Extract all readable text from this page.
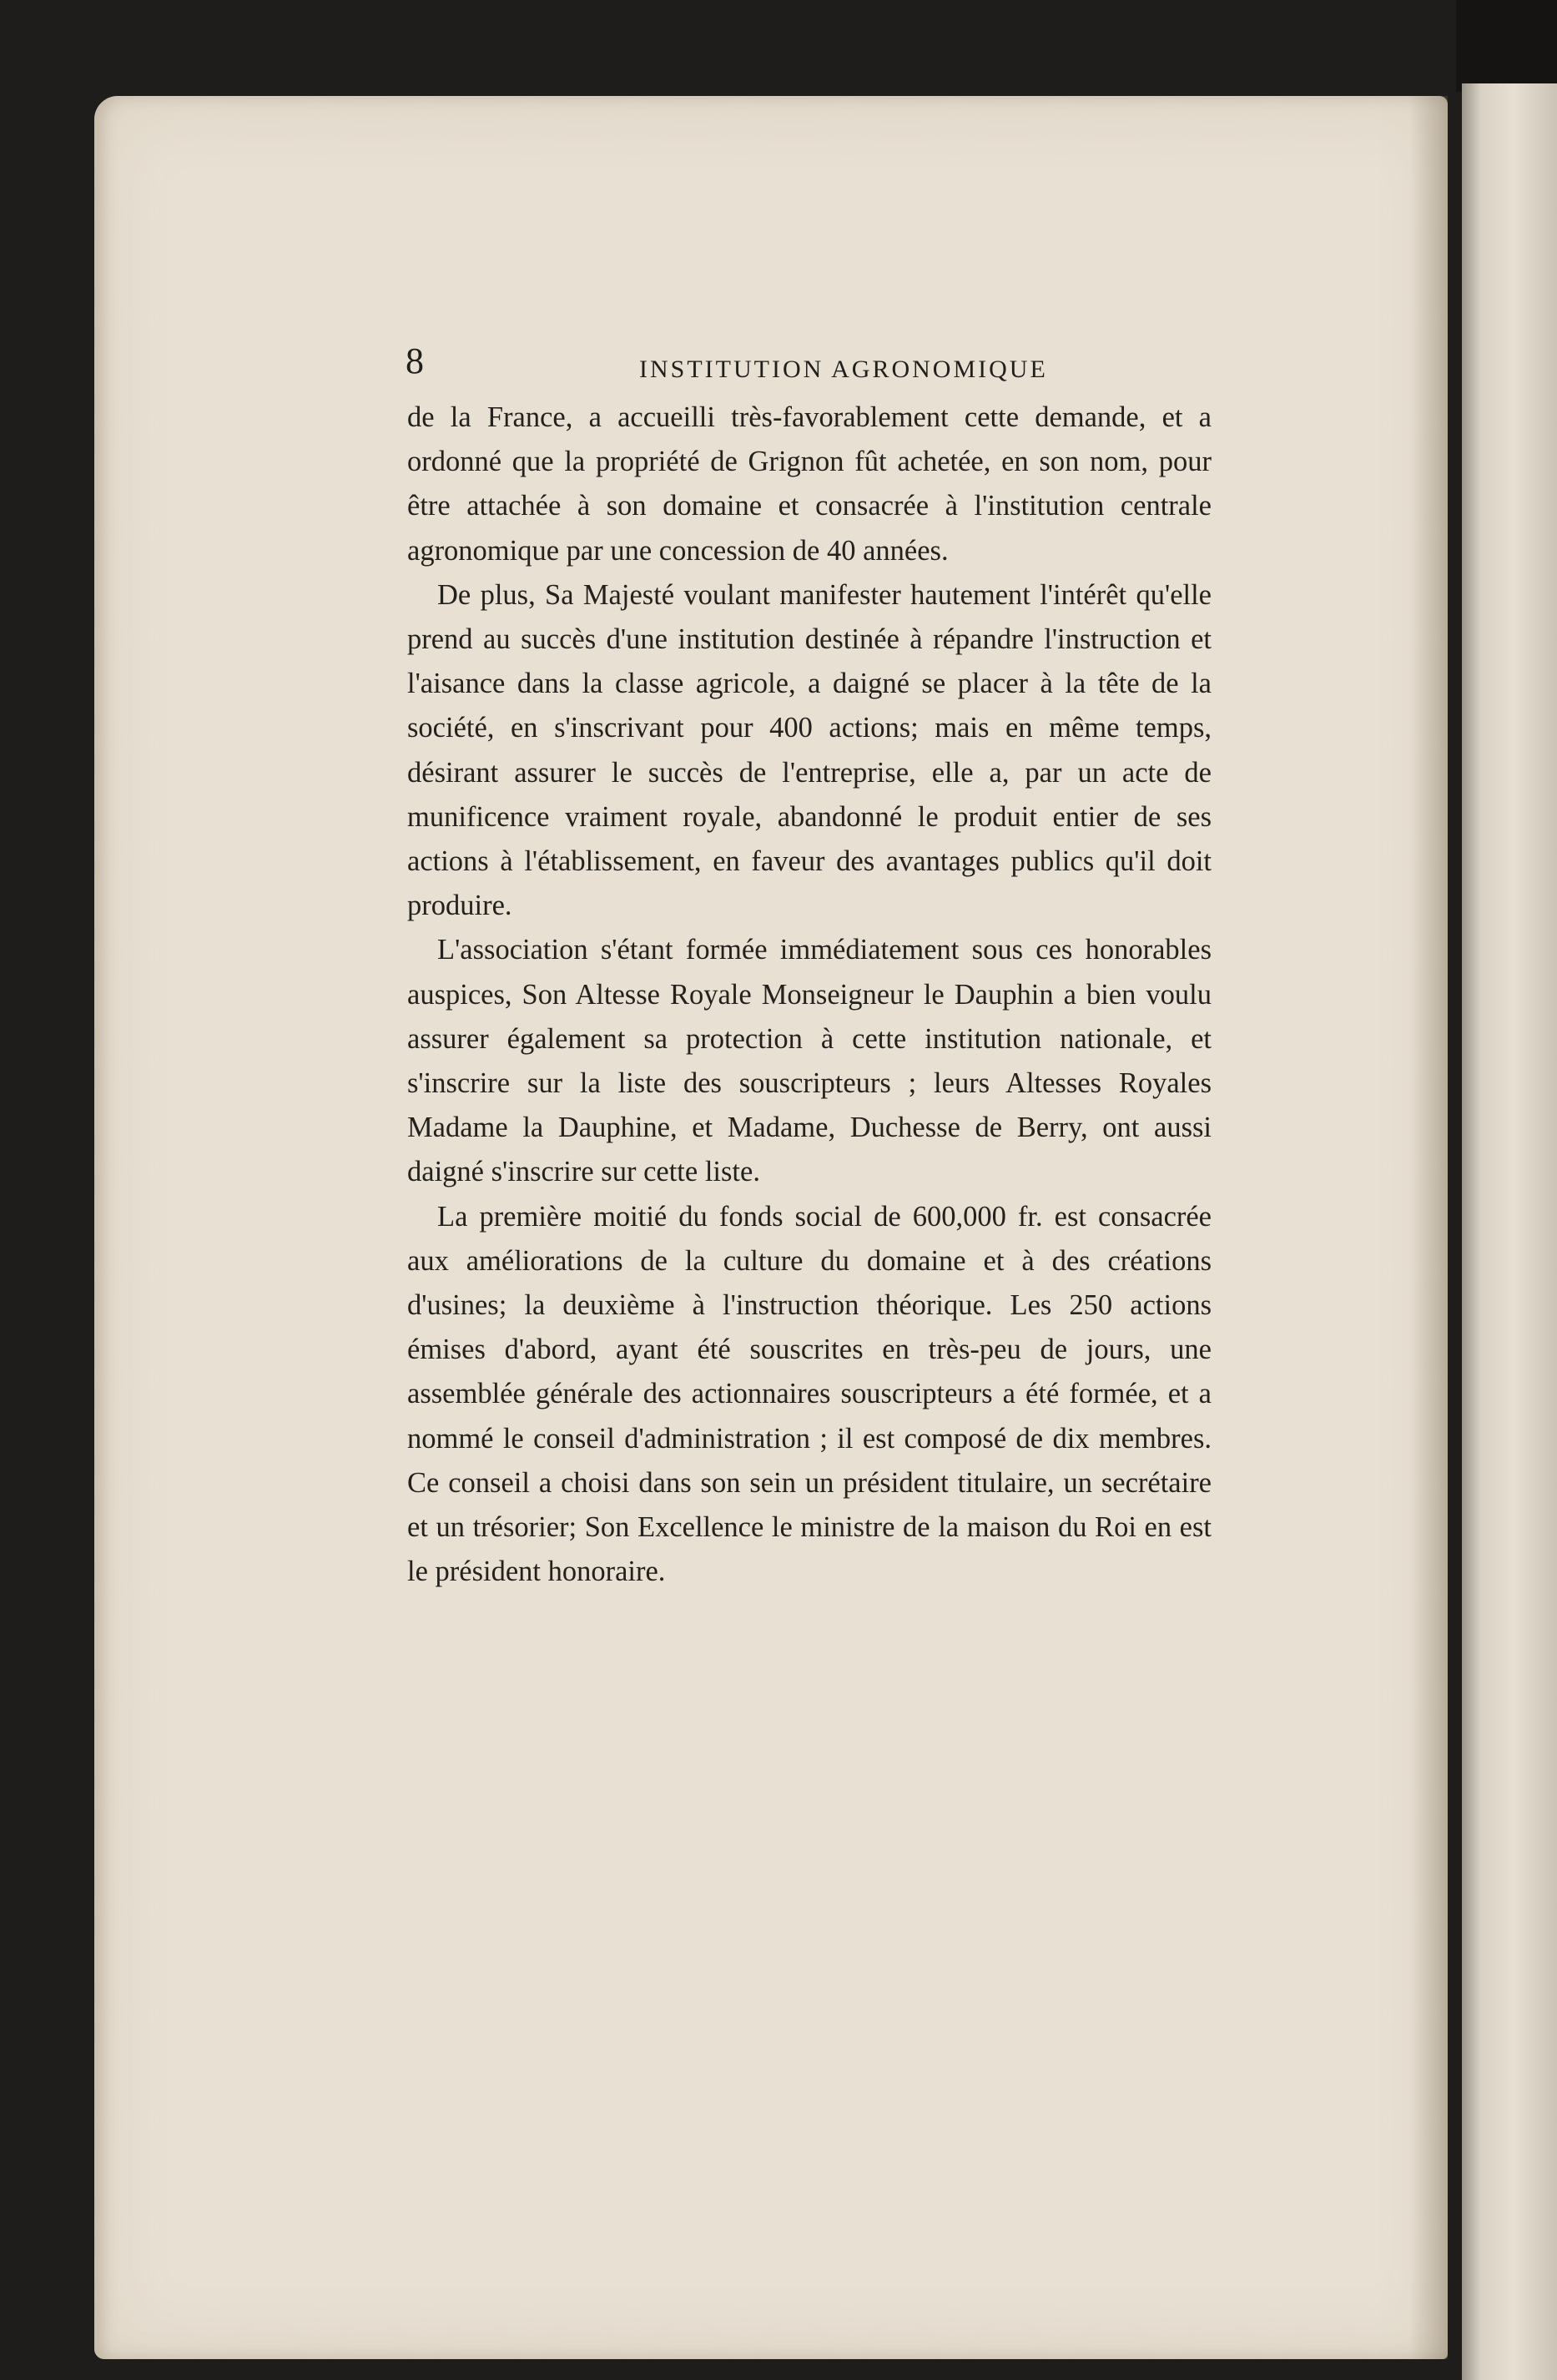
8	INSTITUTION AGRONOMIQUE

de la France, a accueilli très-favorablement cette demande, et a ordonné que la propriété de Grignon fût achetée, en son nom, pour être attachée à son domaine et consacrée à l'institution centrale agronomique par une concession de 40 années.

De plus, Sa Majesté voulant manifester hautement l'intérêt qu'elle prend au succès d'une institution destinée à répandre l'instruction et l'aisance dans la classe agricole, a daigné se placer à la tête de la société, en s'inscrivant pour 400 actions; mais en même temps, désirant assurer le succès de l'entreprise, elle a, par un acte de munificence vraiment royale, abandonné le produit entier de ses actions à l'établissement, en faveur des avantages publics qu'il doit produire.

L'association s'étant formée immédiatement sous ces honorables auspices, Son Altesse Royale Monseigneur le Dauphin a bien voulu assurer également sa protection à cette institution nationale, et s'inscrire sur la liste des souscripteurs ; leurs Altesses Royales Madame la Dauphine, et Madame, Duchesse de Berry, ont aussi daigné s'inscrire sur cette liste.

La première moitié du fonds social de 600,000 fr. est consacrée aux améliorations de la culture du domaine et à des créations d'usines; la deuxième à l'instruction théorique. Les 250 actions émises d'abord, ayant été souscrites en très-peu de jours, une assemblée générale des actionnaires souscripteurs a été formée, et a nommé le conseil d'administration ; il est composé de dix membres. Ce conseil a choisi dans son sein un président titulaire, un secrétaire et un trésorier; Son Excellence le ministre de la maison du Roi en est le président honoraire.
